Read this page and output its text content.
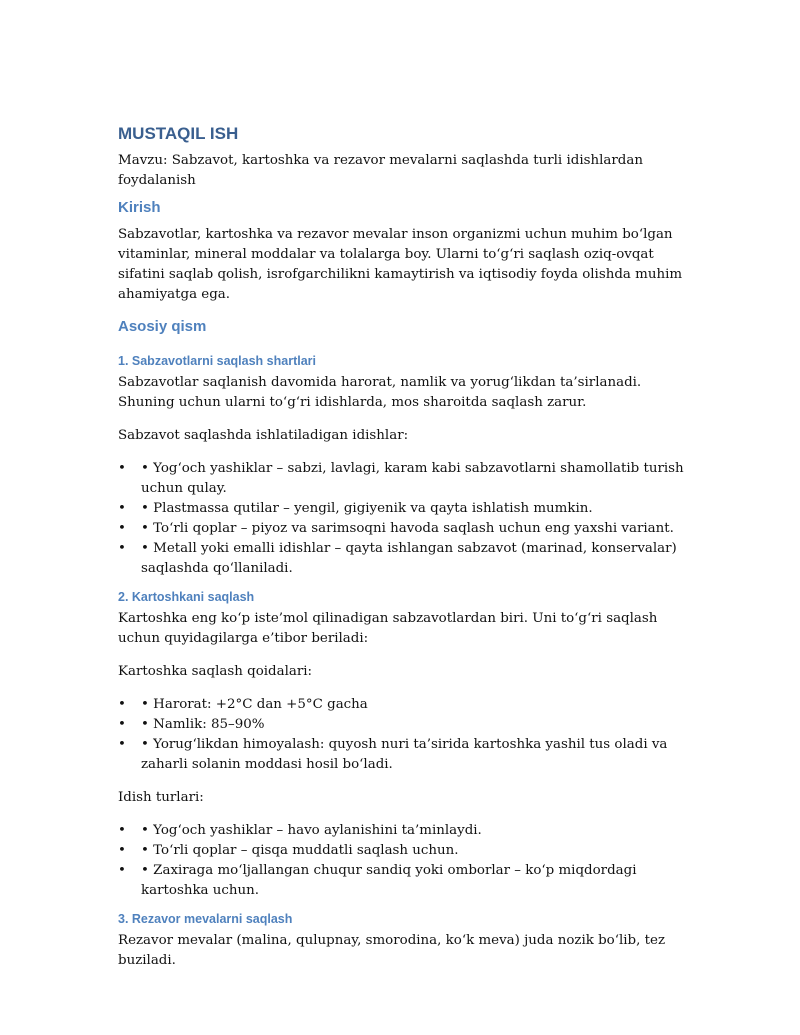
MUSTAQIL ISH

Mavzu: Sabzavot, kartoshka va rezavor mevalarni saqlashda turli idishlardan foydalanish

Kirish

Sabzavotlar, kartoshka va rezavor mevalar inson organizmi uchun muhim bo‘lgan vitaminlar, mineral moddalar va tolalarga boy. Ularni to‘g‘ri saqlash oziq-ovqat sifatini saqlab qolish, isrofgarchilikni kamaytirish va iqtisodiy foyda olishda muhim ahamiyatga ega.

Asosiy qism
1. Sabzavotlarni saqlash shartlari

Sabzavotlar saqlanish davomida harorat, namlik va yorug‘likdan ta’sirlanadi. Shuning uchun ularni to‘g‘ri idishlarda, mos sharoitda saqlash zarur.

Sabzavot saqlashda ishlatiladigan idishlar:

• • Yog‘och yashiklar – sabzi, lavlagi, karam kabi sabzavotlarni shamollatib turish uchun qulay.
• • Plastmassa qutilar – yengil, gigiyenik va qayta ishlatish mumkin.
• • To‘rli qoplar – piyoz va sarimsoqni havoda saqlash uchun eng yaxshi variant.
• • Metall yoki emalli idishlar – qayta ishlangan sabzavot (marinad, konservalar) saqlashda qo‘llaniladi.
2. Kartoshkani saqlash

Kartoshka eng ko‘p iste’mol qilinadigan sabzavotlardan biri. Uni to‘g‘ri saqlash uchun quyidagilarga e’tibor beriladi:

Kartoshka saqlash qoidalari:

• • Harorat: +2°C dan +5°C gacha
• • Namlik: 85–90%
• • Yorug‘likdan himoyalash: quyosh nuri ta’sirida kartoshka yashil tus oladi va zaharli solanin moddasi hosil bo‘ladi.

Idish turlari:

• • Yog‘och yashiklar – havo aylanishini ta’minlaydi.
• • To‘rli qoplar – qisqa muddatli saqlash uchun.
• • Zaxiraga mo‘ljallangan chuqur sandiq yoki omborlar – ko‘p miqdordagi kartoshka uchun.
3. Rezavor mevalarni saqlash

Rezavor mevalar (malina, qulupnay, smorodina, ko‘k meva) juda nozik bo‘lib, tez buziladi.
